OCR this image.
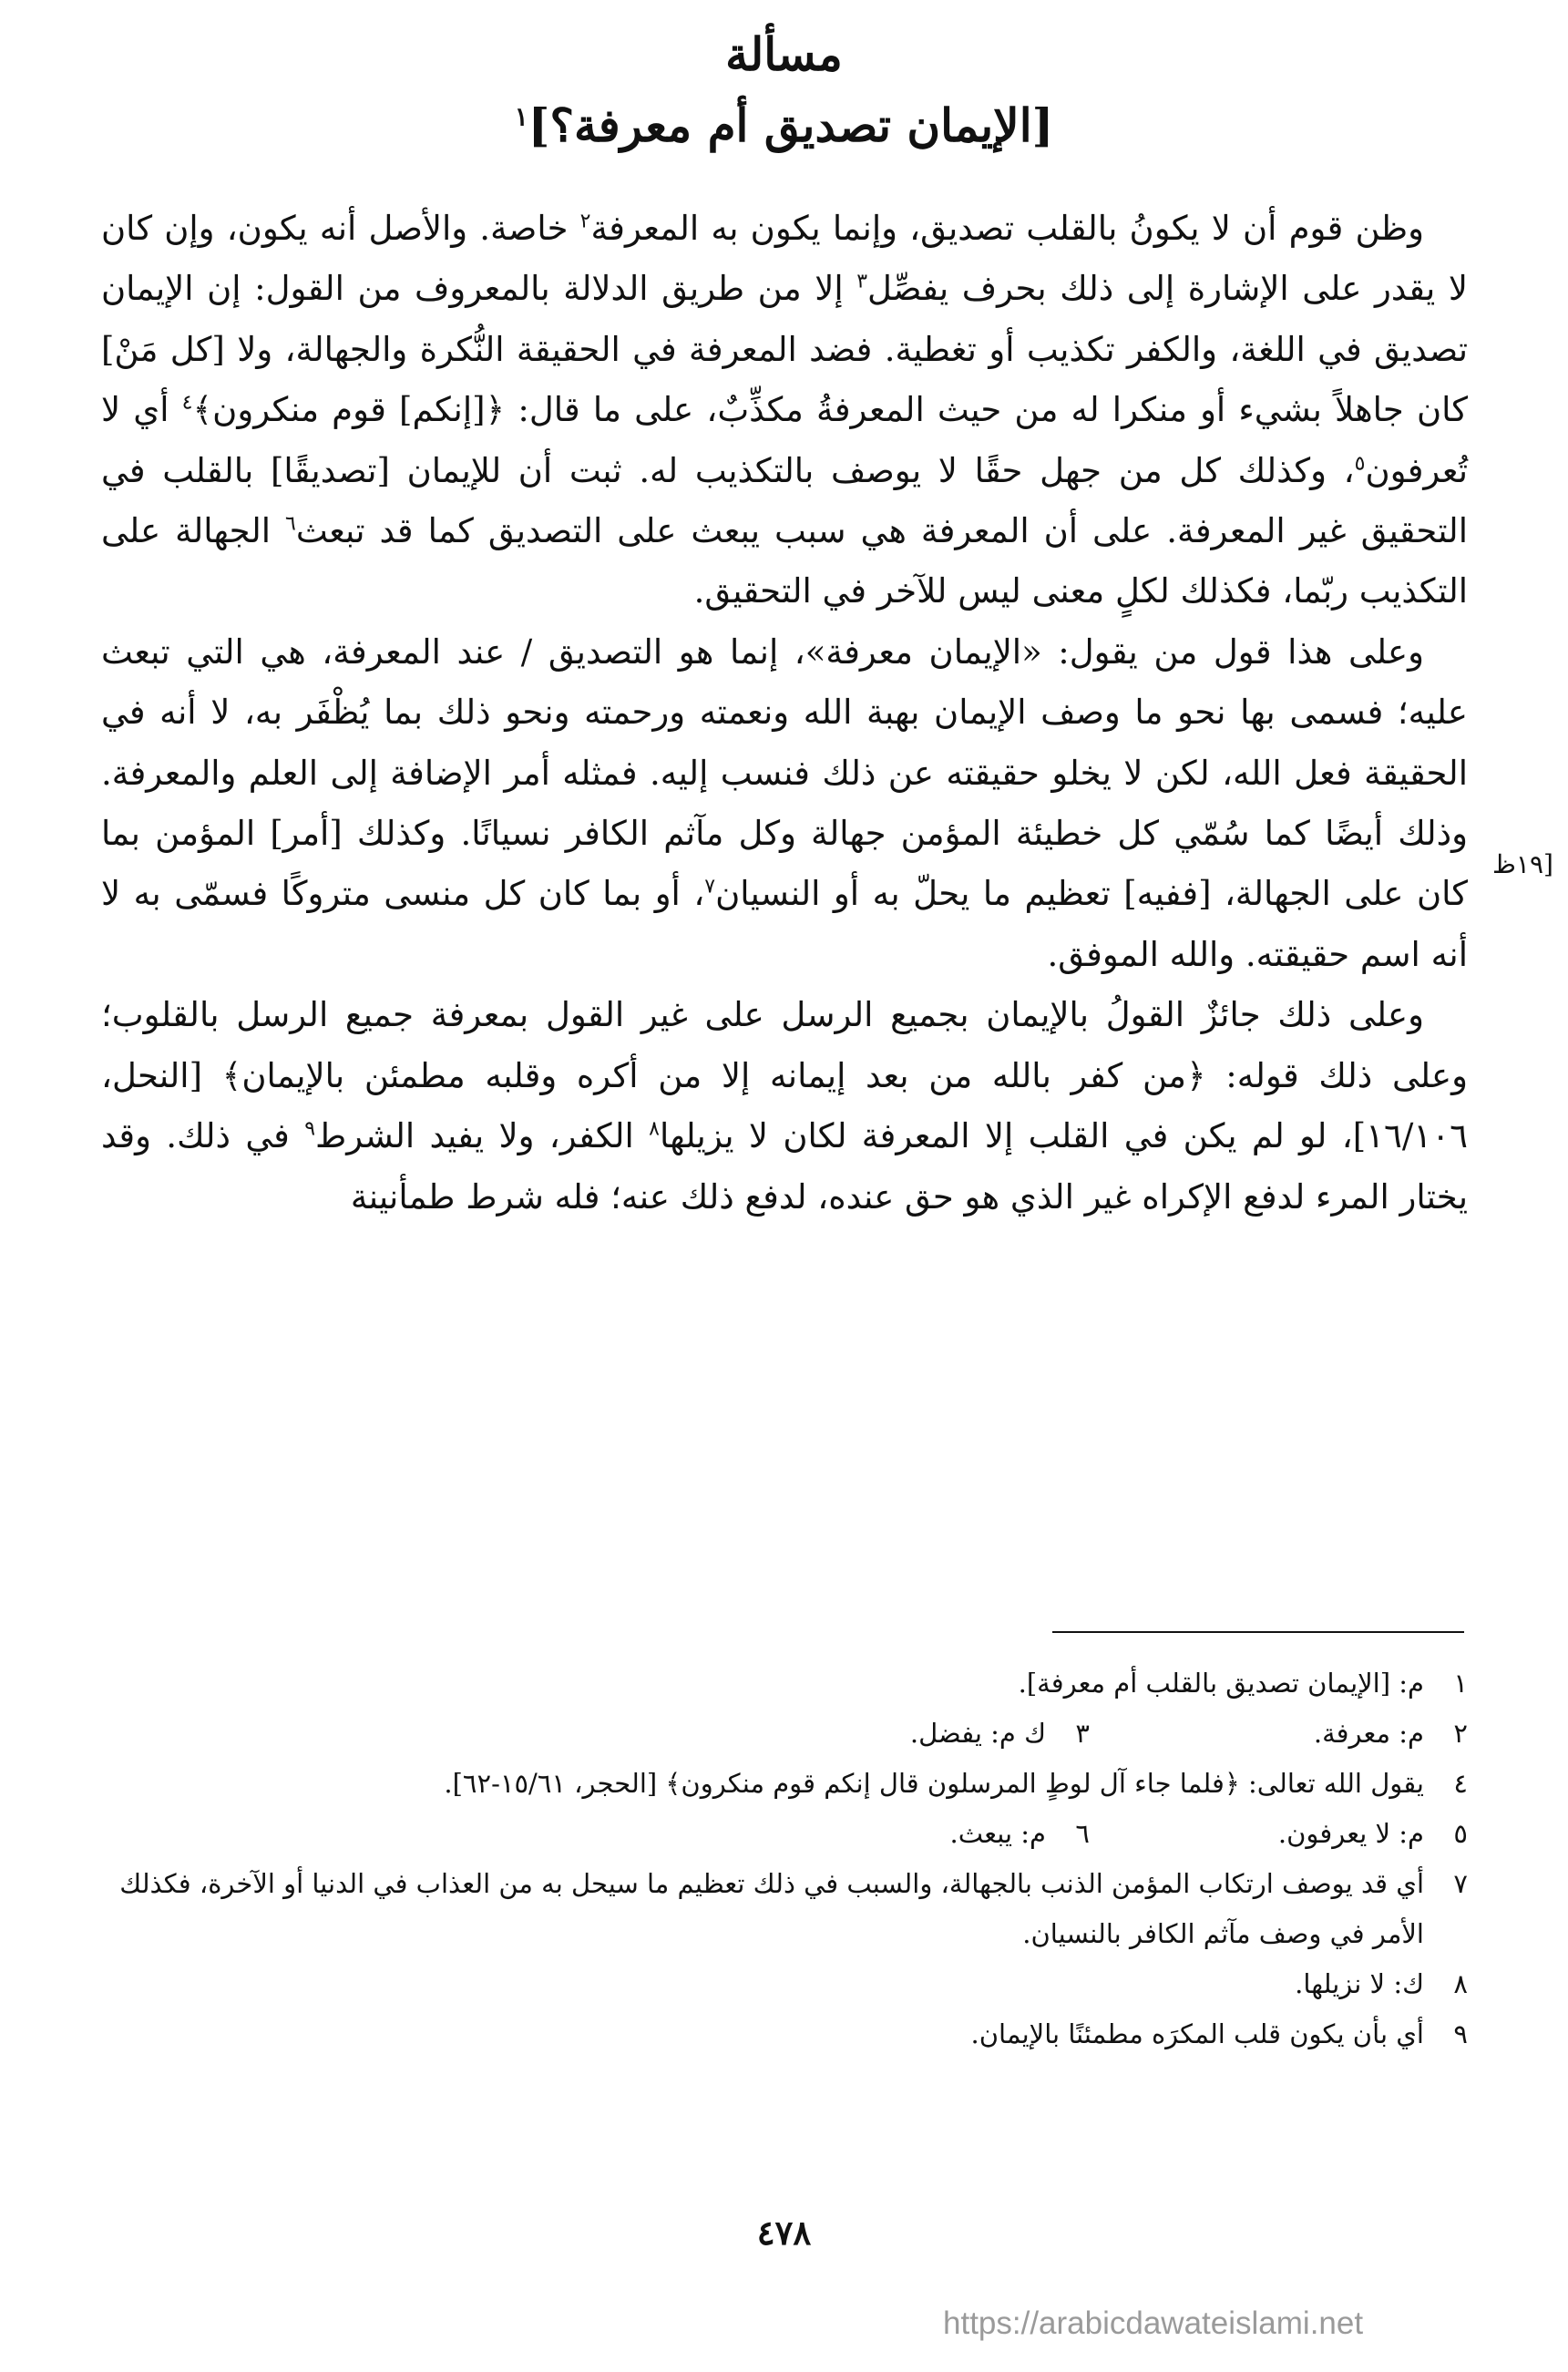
مسألة
[الإيمان تصديق أم معرفة؟]$^١$
١٩ظ]

وظن قوم أن لا يكونُ بالقلب تصديق، وإنما يكون به المعرفة$^٢$ خاصة. والأصل أنه يكون، وإن كان لا يقدر على الإشارة إلى ذلك بحرف يفصِّل$^٣$ إلا من طريق الدلالة بالمعروف من القول: إن الإيمان تصديق في اللغة، والكفر تكذيب أو تغطية. فضد المعرفة في الحقيقة النُّكرة والجهالة، ولا [كل مَنْ] كان جاهلاً بشيء أو منكرا له من حيث المعرفةُ مكذِّبٌ، على ما قال: ﴿[إنكم] قوم منكرون﴾$^٤$ أي لا تُعرفون$^٥$، وكذلك كل من جهل حقًا لا يوصف بالتكذيب له. ثبت أن للإيمان [تصديقًا] بالقلب في التحقيق غير المعرفة. على أن المعرفة هي سبب يبعث على التصديق كما قد تبعث$^٦$ الجهالة على التكذيب ربّما، فكذلك لكلٍ معنى ليس للآخر في التحقيق.

وعلى هذا قول من يقول: «الإيمان معرفة»، إنما هو التصديق / عند المعرفة، هي التي تبعث عليه؛ فسمى بها نحو ما وصف الإيمان بهبة الله ونعمته ورحمته ونحو ذلك بما يُظْفَر به، لا أنه في الحقيقة فعل الله، لكن لا يخلو حقيقته عن ذلك فنسب إليه. فمثله أمر الإضافة إلى العلم والمعرفة. وذلك أيضًا كما سُمّي كل خطيئة المؤمن جهالة وكل مآثم الكافر نسيانًا. وكذلك [أمر] المؤمن بما كان على الجهالة، [ففيه] تعظيم ما يحلّ به أو النسيان$^٧$، أو بما كان كل منسى متروكًا فسمّى به لا أنه اسم حقيقته. والله الموفق.

وعلى ذلك جائزٌ القولُ بالإيمان بجميع الرسل على غير القول بمعرفة جميع الرسل بالقلوب؛ وعلى ذلك قوله: ﴿من كفر بالله من بعد إيمانه إلا من أكره وقلبه مطمئن بالإيمان﴾ [النحل، ١٦/١٠٦]، لو لم يكن في القلب إلا المعرفة لكان لا يزيلها$^٨$ الكفر، ولا يفيد الشرط$^٩$ في ذلك. وقد يختار المرء لدفع الإكراه غير الذي هو حق عنده، لدفع ذلك عنه؛ فله شرط طمأنينة

١
م: [الإيمان تصديق بالقلب أم معرفة].
٢
م: معرفة.
٣
ك م: يفضل.
٤
يقول الله تعالى: ﴿فلما جاء آل لوطٍ المرسلون قال إنكم قوم منكرون﴾ [الحجر، ١٥/٦١-٦٢].
٥
م: لا يعرفون.
٦
م: يبعث.
٧
أي قد يوصف ارتكاب المؤمن الذنب بالجهالة، والسبب في ذلك تعظيم ما سيحل به من العذاب في الدنيا أو الآخرة، فكذلك الأمر في وصف مآثم الكافر بالنسيان.
٨
ك: لا نزيلها.
٩
أي بأن يكون قلب المكرَه مطمئنًا بالإيمان.
٤٧٨
https://arabicdawateislami.net
